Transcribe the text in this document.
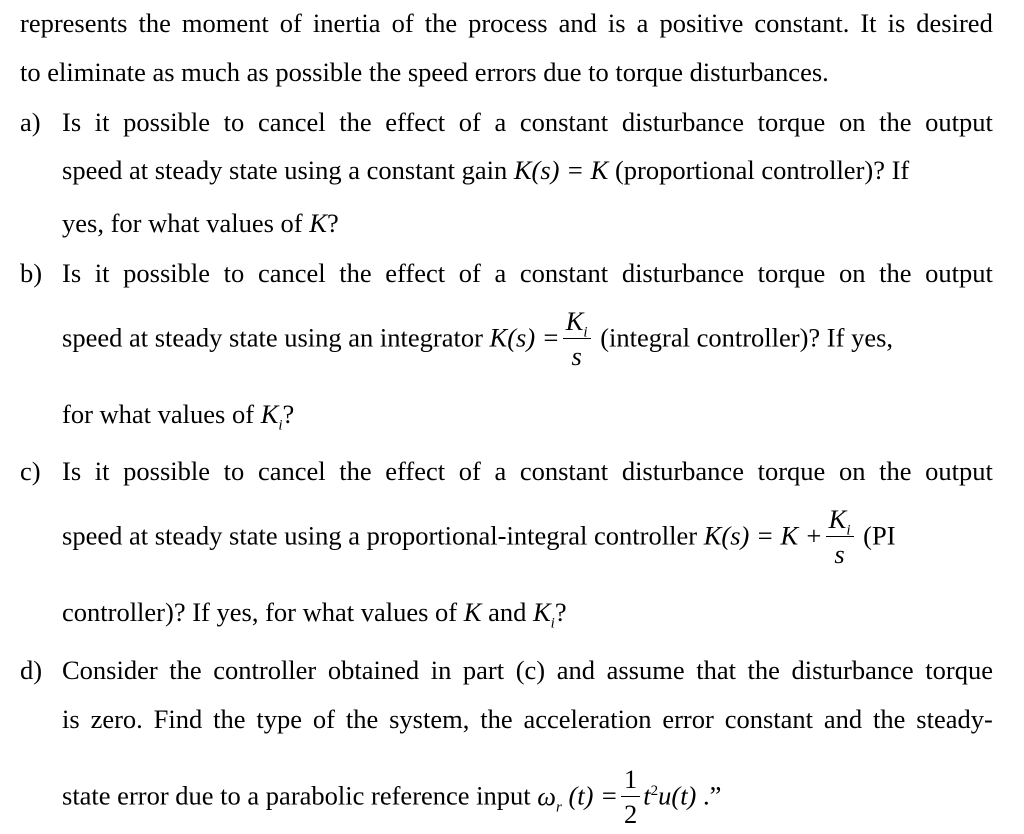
represents the moment of inertia of the process and is a positive constant. It is desired
to eliminate as much as possible the speed errors due to torque disturbances.
a) Is it possible to cancel the effect of a constant disturbance torque on the output
speed at steady state using a constant gain K(s) = K (proportional controller)? If
yes, for what values of K?
b) Is it possible to cancel the effect of a constant disturbance torque on the output
speed at steady state using an integrator $K(s) = \frac{K_i}{s}$ (integral controller)? If yes,
for what values of $K_i$?
c) Is it possible to cancel the effect of a constant disturbance torque on the output
speed at steady state using a proportional-integral controller $K(s) = K + \frac{K_i}{s} (PI$
controller)? If yes, for what values of K and $K_i$?
d) Consider the controller obtained in part (c) and assume that the disturbance torque
is zero. Find the type of the system, the acceleration error constant and the steady-
state error due to a parabolic reference input $\omega_r$ $(t) = \frac{1}{2} t^2u(t)$ .”
